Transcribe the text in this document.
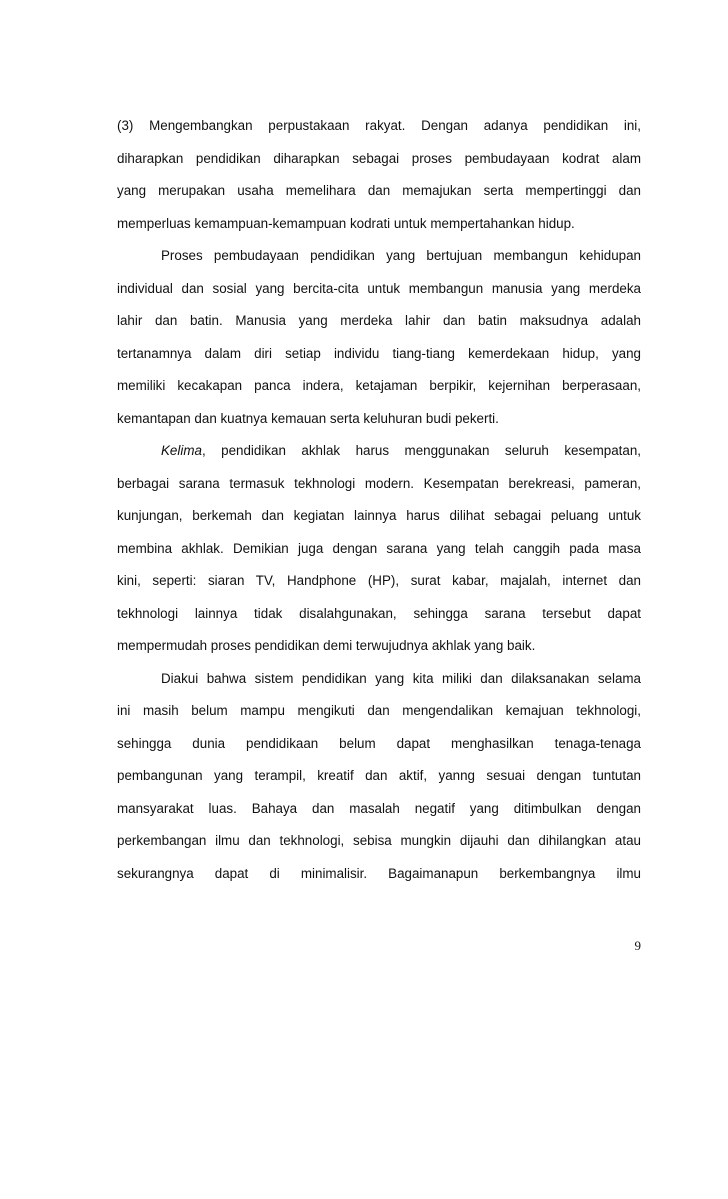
(3) Mengembangkan perpustakaan rakyat. Dengan adanya pendidikan ini,
diharapkan pendidikan diharapkan sebagai proses pembudayaan kodrat alam
yang merupakan usaha memelihara dan memajukan serta mempertinggi dan
memperluas kemampuan-kemampuan kodrati untuk mempertahankan hidup.
Proses pembudayaan pendidikan yang bertujuan membangun kehidupan
individual dan sosial yang bercita-cita untuk membangun manusia yang merdeka
lahir dan batin. Manusia yang merdeka lahir dan batin maksudnya adalah
tertanamnya dalam diri setiap individu tiang-tiang kemerdekaan hidup, yang
memiliki kecakapan panca indera, ketajaman berpikir, kejernihan berperasaan,
kemantapan dan kuatnya kemauan serta keluhuran budi pekerti.
Kelima, pendidikan akhlak harus menggunakan seluruh kesempatan,
berbagai sarana termasuk tekhnologi modern. Kesempatan berekreasi, pameran,
kunjungan, berkemah dan kegiatan lainnya harus dilihat sebagai peluang untuk
membina akhlak. Demikian juga dengan sarana yang telah canggih pada masa
kini, seperti: siaran TV, Handphone (HP), surat kabar, majalah, internet dan
tekhnologi lainnya tidak disalahgunakan, sehingga sarana tersebut dapat
mempermudah proses pendidikan demi terwujudnya akhlak yang baik.
Diakui bahwa sistem pendidikan yang kita miliki dan dilaksanakan selama
ini masih belum mampu mengikuti dan mengendalikan kemajuan tekhnologi,
sehingga dunia pendidikaan belum dapat menghasilkan tenaga-tenaga
pembangunan yang terampil, kreatif dan aktif, yanng sesuai dengan tuntutan
mansyarakat luas. Bahaya dan masalah negatif yang ditimbulkan dengan
perkembangan ilmu dan tekhnologi, sebisa mungkin dijauhi dan dihilangkan atau
sekurangnya dapat di minimalisir. Bagaimanapun berkembangnya ilmu
9
